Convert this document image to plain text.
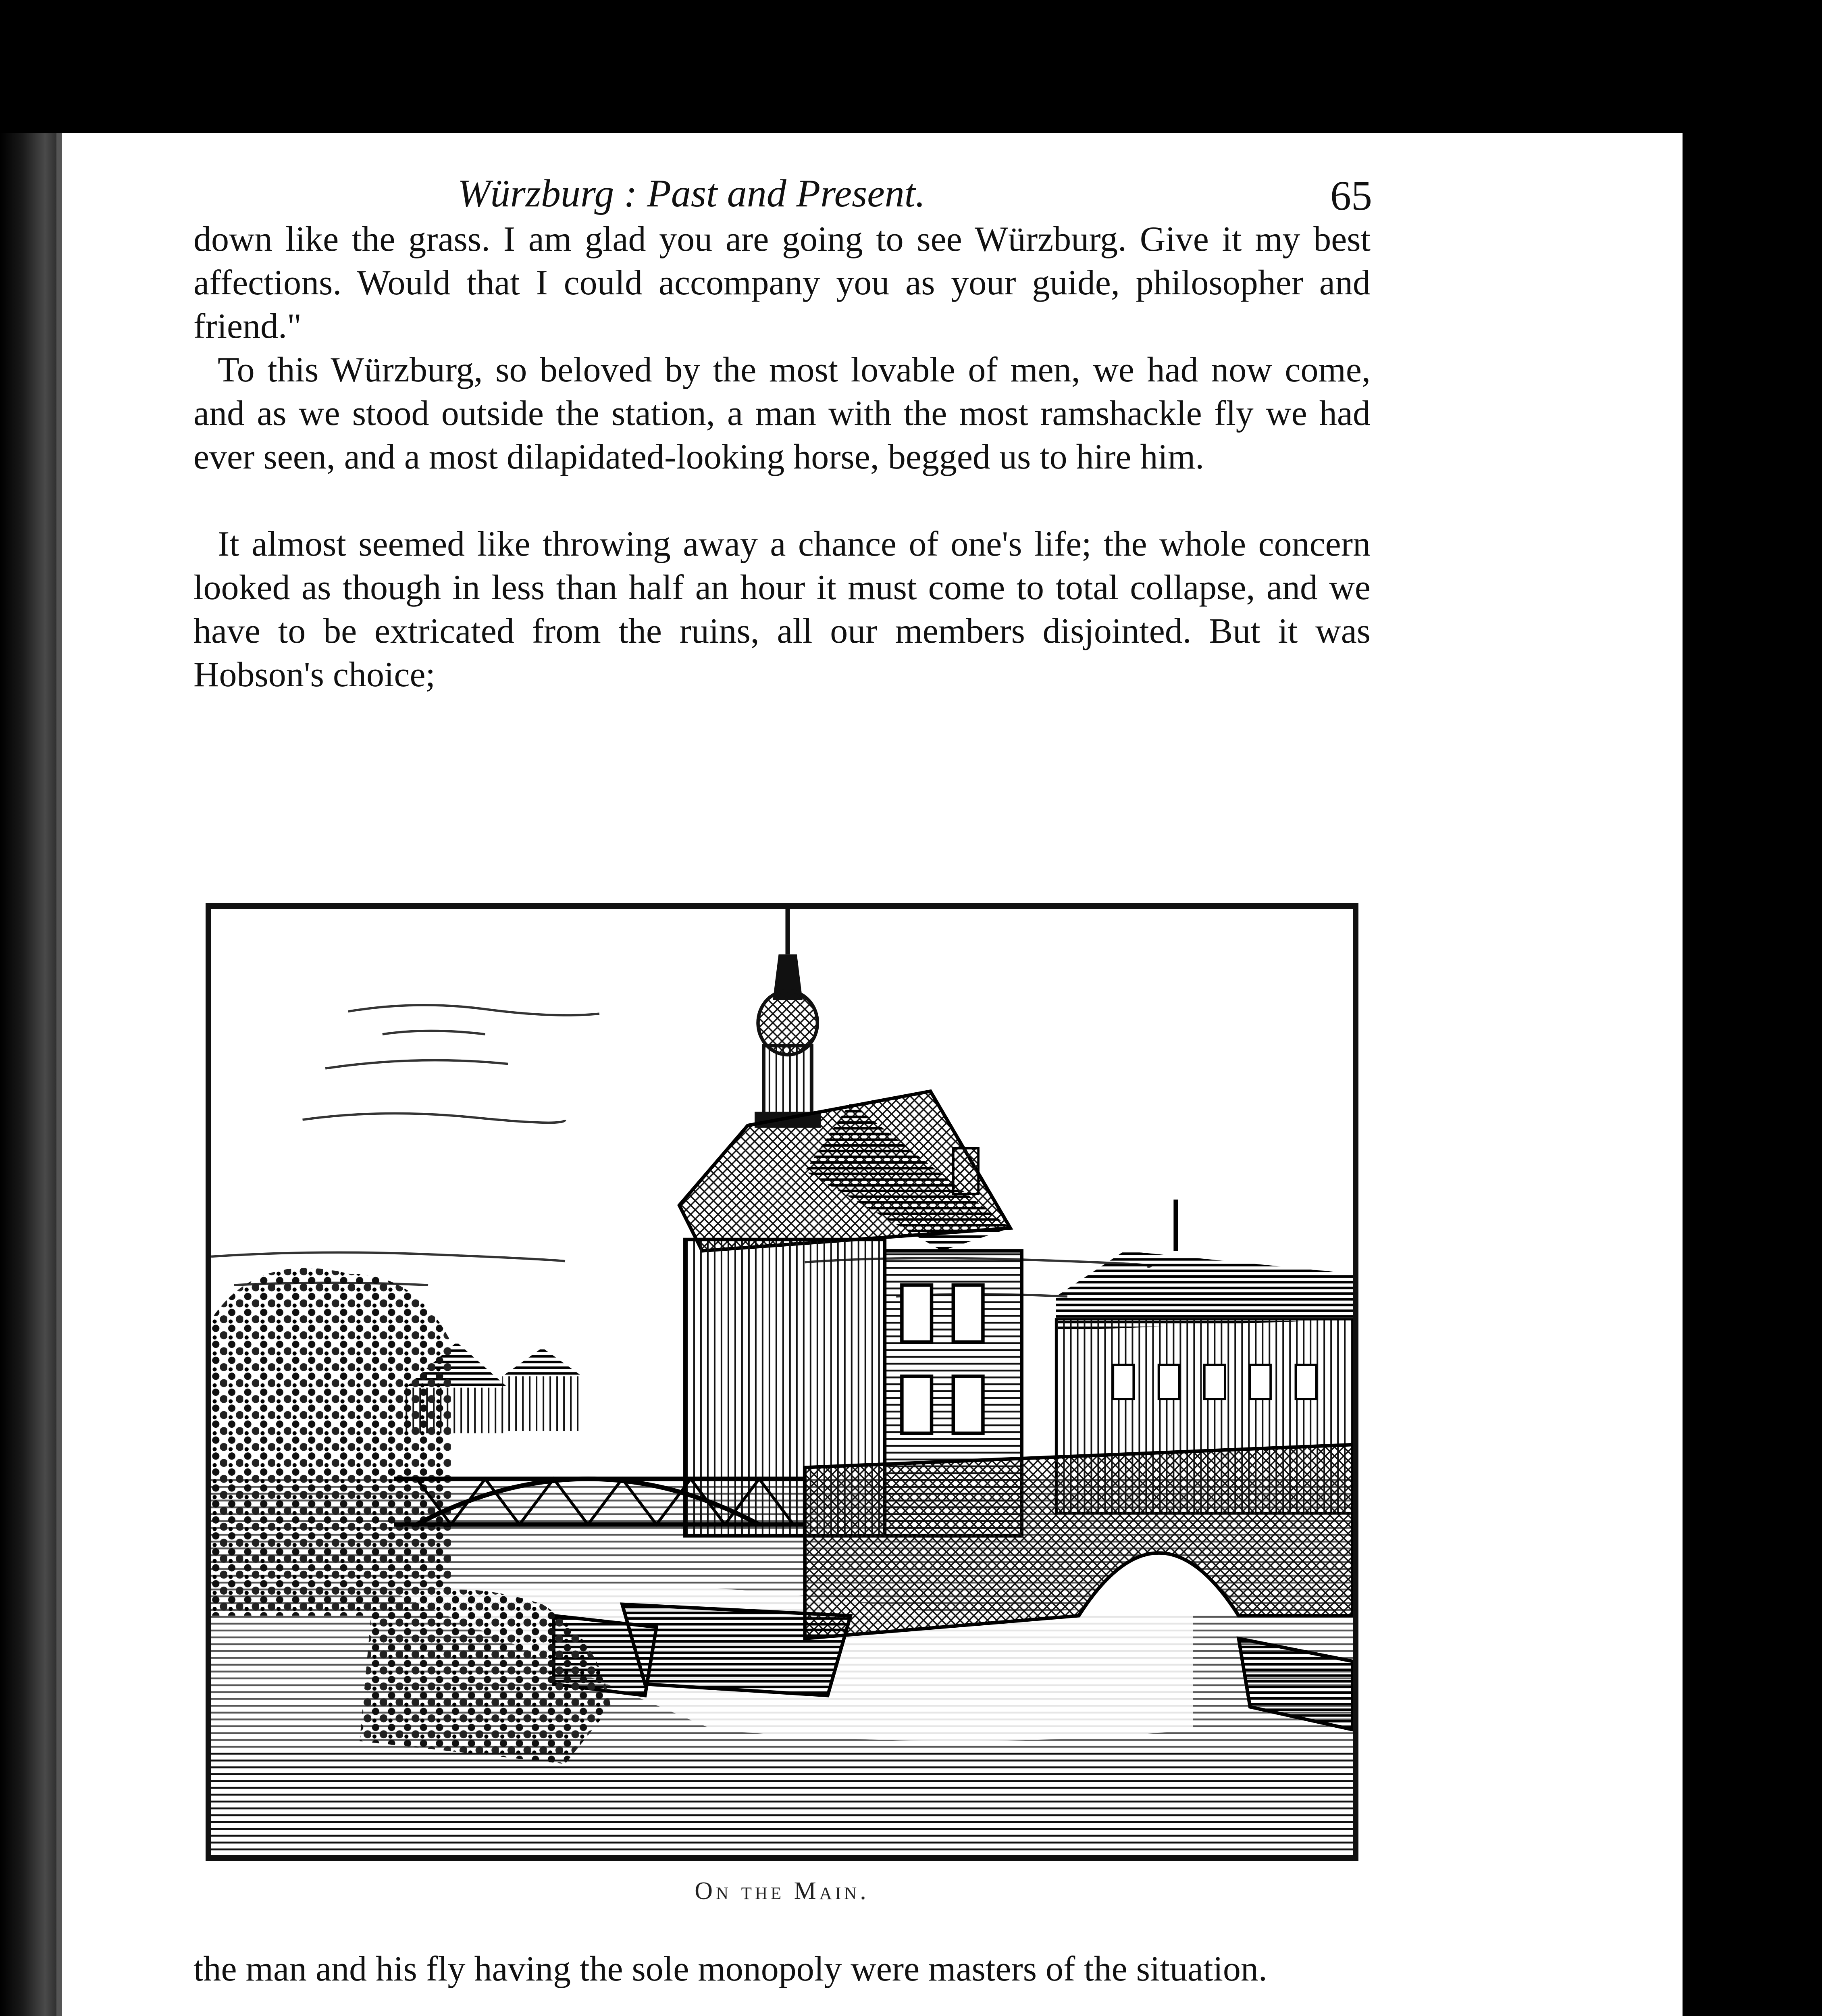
Würzburg : Past and Present.	65

down like the grass. I am glad you are going to see Würzburg. Give it my best affections. Would that I could accompany you as your guide, philosopher and friend."

To this Würzburg, so beloved by the most lovable of men, we had now come, and as we stood outside the station, a man with the most ramshackle fly we had ever seen, and a most dilapidated-looking horse, begged us to hire him.

It almost seemed like throwing away a chance of one's life; the whole concern looked as though in less than half an hour it must come to total collapse, and we have to be extricated from the ruins, all our members disjointed. But it was Hobson's choice;

On the Main.

the man and his fly having the sole monopoly were masters of the situation.
